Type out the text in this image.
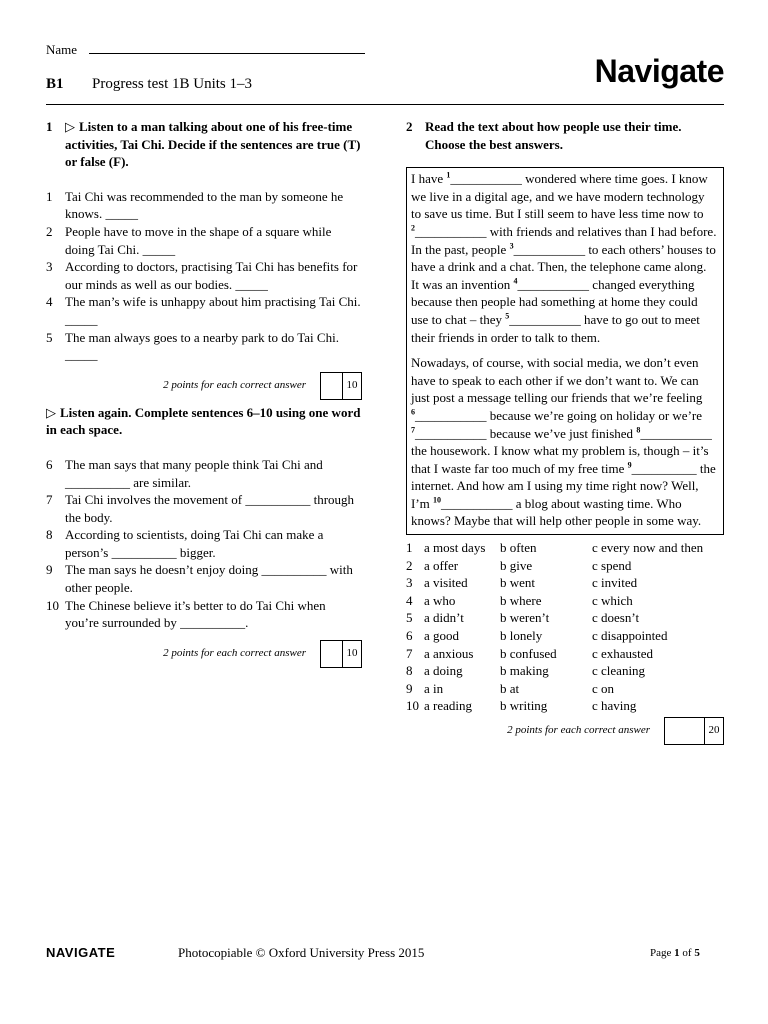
Name
B1 Progress test 1B Units 1–3	Navigate
1 ▷ Listen to a man talking about one of his free-time activities, Tai Chi. Decide if the sentences are true (T) or false (F).
1 Tai Chi was recommended to the man by someone he knows. _____
2 People have to move in the shape of a square while doing Tai Chi. _____
3 According to doctors, practising Tai Chi has benefits for our minds as well as our bodies. _____
4 The man’s wife is unhappy about him practising Tai Chi. _____
5 The man always goes to a nearby park to do Tai Chi. _____
2 points for each correct answer	10
▷ Listen again. Complete sentences 6–10 using one word in each space.
6 The man says that many people think Tai Chi and __________ are similar.
7 Tai Chi involves the movement of __________ through the body.
8 According to scientists, doing Tai Chi can make a person’s __________ bigger.
9 The man says he doesn’t enjoy doing __________ with other people.
10 The Chinese believe it’s better to do Tai Chi when you’re surrounded by __________.
2 points for each correct answer	10
2 Read the text about how people use their time. Choose the best answers.

I have $^1$___________ wondered where time goes. I know we live in a digital age, and we have modern technology to save us time. But I still seem to have less time now to $^2$___________ with friends and relatives than I had before. In the past, people $^3$___________ to each others’ houses to have a drink and a chat. Then, the telephone came along. It was an invention $^4$___________ changed everything because then people had something at home they could use to chat – they $^5$___________ have to go out to meet their friends in order to talk to them.

Nowadays, of course, with social media, we don’t even have to speak to each other if we don’t want to. We can just post a message telling our friends that we’re feeling $^6$___________ because we’re going on holiday or we’re $^7$___________ because we’ve just finished $^8$___________ the housework. I know what my problem is, though – it’s that I waste far too much of my free time $^9$__________ the internet. And how am I using my time right now? Well, I’m $^{10}$___________ a blog about wasting time. Who knows? Maybe that will help other people in some way.

1	a most days	b often	c every now and then
2	a offer	b give	c spend
3	a visited	b went	c invited
4	a who	b where	c which
5	a didn’t	b weren’t	c doesn’t
6	a good	b lonely	c disappointed
7	a anxious	b confused	c exhausted
8	a doing	b making	c cleaning
9	a in	b at	c on
10	a reading	b writing	c having
2 points for each correct answer	20
NAVIGATE	Photocopiable © Oxford University Press 2015	Page 1 of 5
